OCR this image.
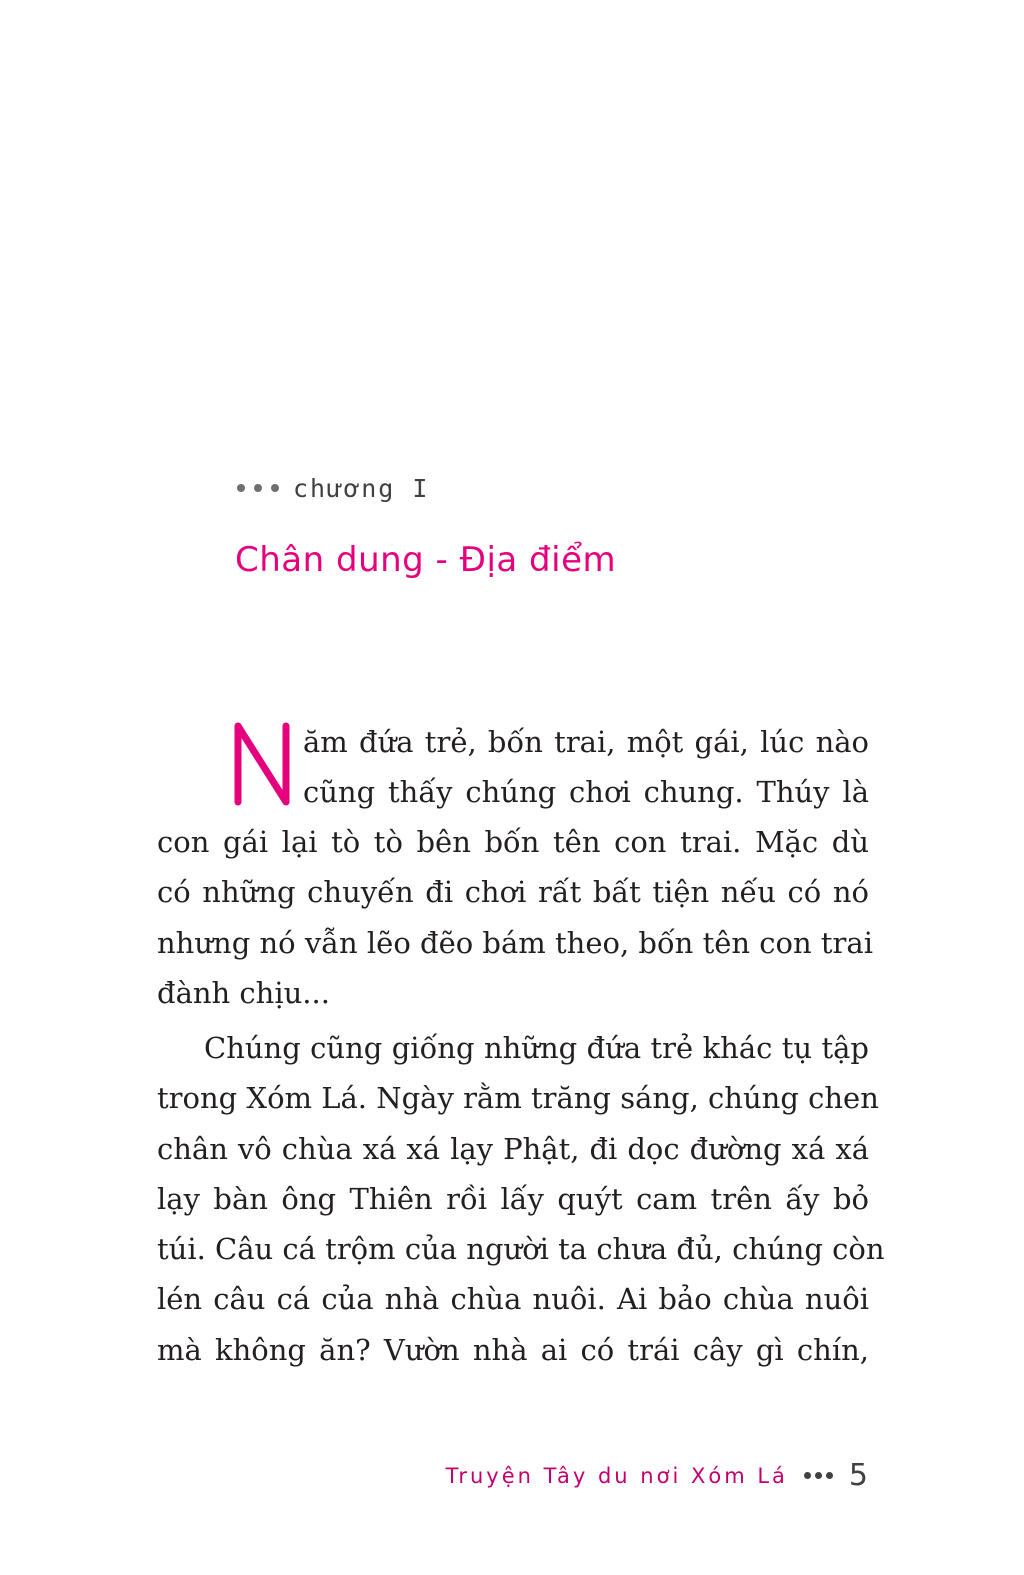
chương I
Chân dung - Địa điểm
ăm đứa trẻ, bốn trai, một gái, lúc nào
cũng thấy chúng chơi chung. Thúy là
con gái lại tò tò bên bốn tên con trai. Mặc dù
có những chuyến đi chơi rất bất tiện nếu có nó
nhưng nó vẫn lẽo đẽo bám theo, bốn tên con trai
đành chịu...
Chúng cũng giống những đứa trẻ khác tụ tập
trong Xóm Lá. Ngày rằm trăng sáng, chúng chen
chân vô chùa xá xá lạy Phật, đi dọc đường xá xá
lạy bàn ông Thiên rồi lấy quýt cam trên ấy bỏ
túi. Câu cá trộm của người ta chưa đủ, chúng còn
lén câu cá của nhà chùa nuôi. Ai bảo chùa nuôi
mà không ăn? Vườn nhà ai có trái cây gì chín,
Truyện Tây du nơi Xóm Lá 5
